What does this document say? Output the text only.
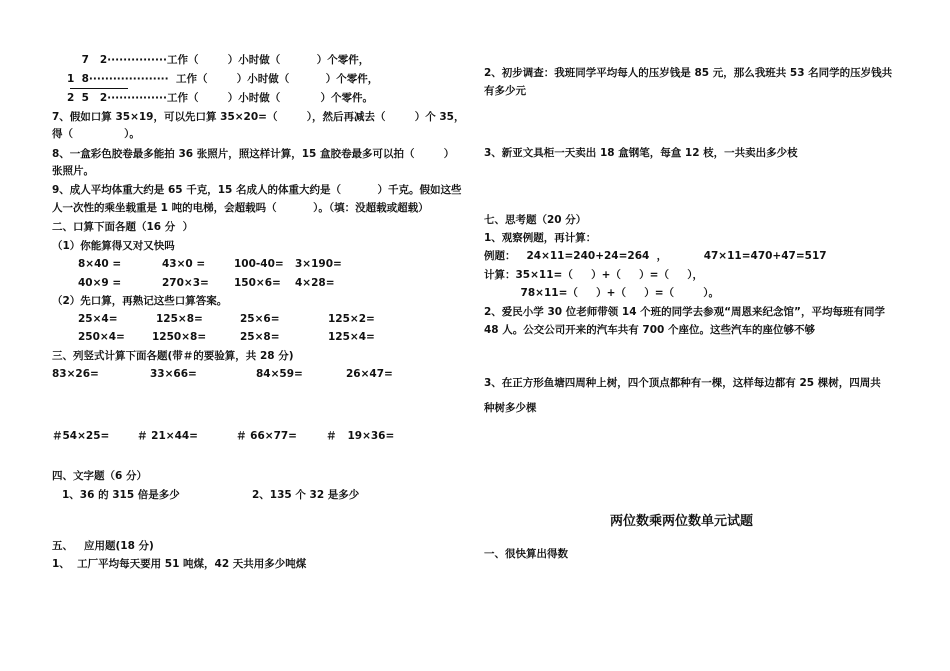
7   2···············工作（        ）小时做（          ）个零件，
1  8····················  工作（        ）小时做（          ）个零件，
2  5   2···············工作（        ）小时做（           ）个零件。
7、假如口算 35×19，可以先口算 35×20=（        ），然后再减去（        ）个 35，
得（              ）。
8、一盒彩色胶卷最多能拍 36 张照片，照这样计算，15 盒胶卷最多可以拍（        ）
张照片。
9、成人平均体重大约是 65 千克，15 名成人的体重大约是（          ）千克。假如这些
人一次性的乘坐载重是 1 吨的电梯，会超载吗（          ）。（填：没超载或超载）
二、口算下面各题（16 分  ）
（1）你能算得又对又快吗
8×40 =	43×0 =	100-40= 3×190=
40×9 =	270×3= 150×6= 4×28=
（2）先口算，再熟记这些口算答案。
25×4=	125×8=	25×6=	125×2=
250×4=	1250×8=	25×8=	125×4=
三、列竖式计算下面各题(带＃的要验算，共 28 分)
83×26=	33×66=	84×59=	26×47=
＃54×25=	＃ 21×44=	＃ 66×77=	＃   19×36=
四、文字题（6 分）
1、36 的 315 倍是多少	2、135 个 32 是多少
五、   应用题(18 分)
1、  工厂平均每天要用 51 吨煤，42 天共用多少吨煤
2、初步调查：我班同学平均每人的压岁钱是 85 元，那么我班共 53 名同学的压岁钱共
有多少元
3、新亚文具柜一天卖出 18 盒钢笔，每盒 12 枝，一共卖出多少枝
七、思考题（20 分）
1、观察例题，再计算：
例题：   24×11=240+24=264  ，          47×11=470+47=517
计算：35×11=（     ）+（     ）=（     ），
78×11=（     ）+（     ）=（        ）。
2、爱民小学 30 位老师带领 14 个班的同学去参观“周恩来纪念馆”，平均每班有同学
48 人。公交公司开来的汽车共有 700 个座位。这些汽车的座位够不够
3、在正方形鱼塘四周种上树，四个顶点都种有一棵，这样每边都有 25 棵树，四周共
种树多少棵
两位数乘两位数单元试题
一、很快算出得数
